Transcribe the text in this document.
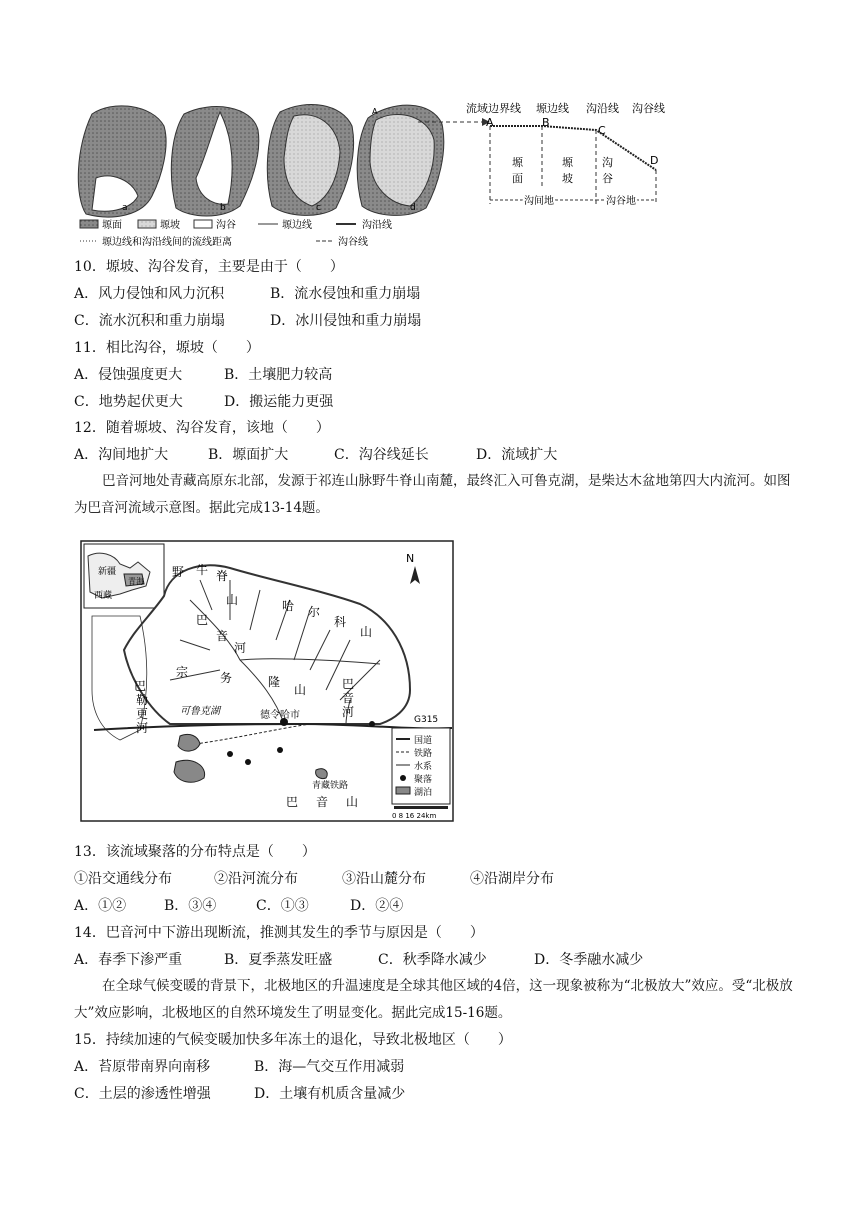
a	b	c
A
d
流域边界线 塬边线 沟沿线 沟谷线
A	B
C
D
塬
面
塬
坡
沟
谷
沟间地	沟谷地
塬面	塬坡	沟谷	塬边线	沟沿线
塬边线和沟沿线间的流线距离	沟谷线
10．塬坡、沟谷发育，主要是由于（　　）
A．风力侵蚀和风力沉积	B．流水侵蚀和重力崩塌
C．流水沉积和重力崩塌	D．冰川侵蚀和重力崩塌
11．相比沟谷，塬坡（　　）
A．侵蚀强度更大	B．土壤肥力较高
C．地势起伏更大	D．搬运能力更强
12．随着塬坡、沟谷发育，该地（　　）
A．沟间地扩大	B．塬面扩大	C．沟谷线延长	D．流域扩大
巴音河地处青藏高原东北部，发源于祁连山脉野牛脊山南麓，最终汇入可鲁克湖，是柴达木盆地第四大内流河。如图为巴音河流域示意图。据此完成13-14题。
新疆
青海
西藏
N
野 牛 脊
山	哈 尔
科
山
巴
音
河
宗	务	隆
山
巴
勒
更
河
巴
音
河
可鲁克湖	德令哈市	G315
巴 音 山
青藏铁路
国道
铁路
水系
聚落
湖泊
0 8 16 24km
13．该流域聚落的分布特点是（　　）
①沿交通线分布	②沿河流分布	③沿山麓分布	④沿湖岸分布
A．①②	B．③④	C．①③	D．②④
14．巴音河中下游出现断流，推测其发生的季节与原因是（　　）
A．春季下渗严重	B．夏季蒸发旺盛	C．秋季降水减少	D．冬季融水减少
在全球气候变暖的背景下，北极地区的升温速度是全球其他区域的4倍，这一现象被称为“北极放大”效应。受“北极放大”效应影响，北极地区的自然环境发生了明显变化。据此完成15-16题。
15．持续加速的气候变暖加快多年冻土的退化，导致北极地区（　　）
A．苔原带南界向南移	B．海—气交互作用减弱
C．土层的渗透性增强	D．土壤有机质含量减少
